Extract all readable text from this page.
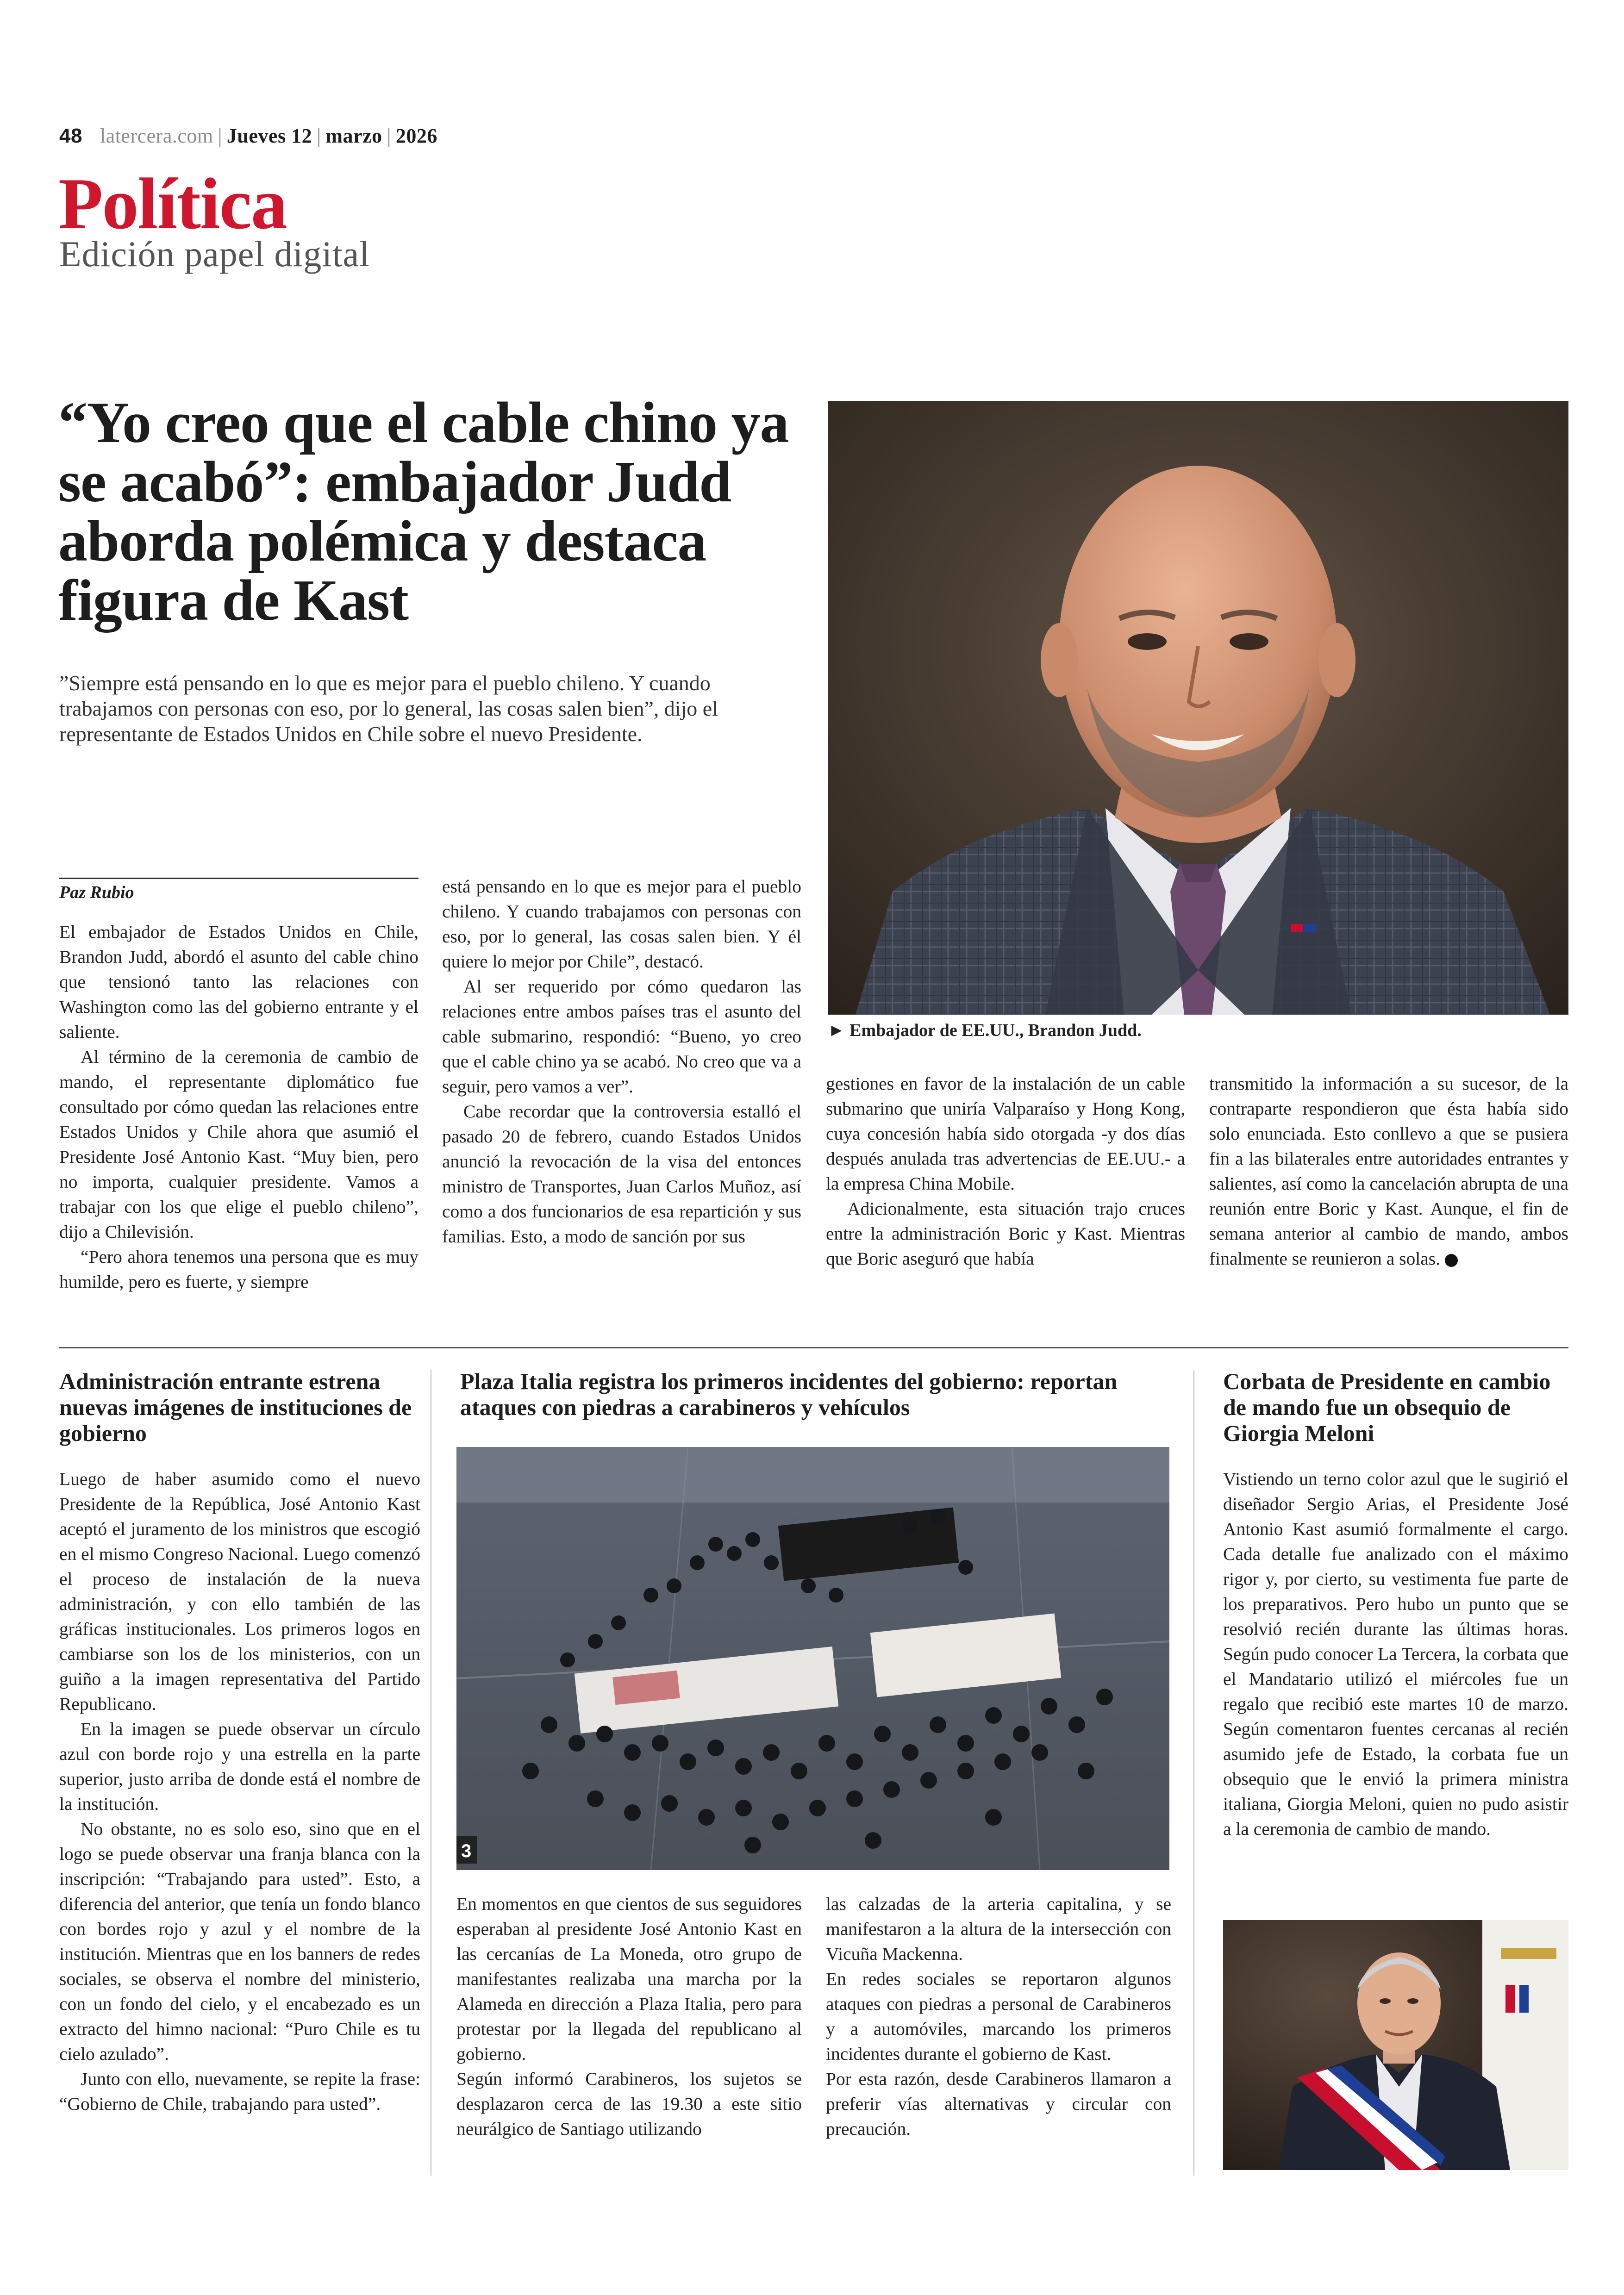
48 latercera.com | Jueves 12 | marzo | 2026
Política
Edición papel digital
“Yo creo que el cable chino ya se acabó”: embajador Judd aborda polémica y destaca figura de Kast
”Siempre está pensando en lo que es mejor para el pueblo chileno. Y cuando trabajamos con personas con eso, por lo general, las cosas salen bien”, dijo el representante de Estados Unidos en Chile sobre el nuevo Presidente.
► Embajador de EE.UU., Brandon Judd.
Paz Rubio

El embajador de Estados Unidos en Chile, Brandon Judd, abordó el asunto del cable chino que tensionó tanto las relaciones con Washington como las del gobierno entrante y el saliente.

Al término de la ceremonia de cambio de mando, el representante diplomático fue consultado por cómo quedan las relaciones entre Estados Unidos y Chile ahora que asumió el Presidente José Antonio Kast. “Muy bien, pero no importa, cualquier presidente. Vamos a trabajar con los que elige el pueblo chileno”, dijo a Chilevisión.

“Pero ahora tenemos una persona que es muy humilde, pero es fuerte, y siempre

está pensando en lo que es mejor para el pueblo chileno. Y cuando trabajamos con personas con eso, por lo general, las cosas salen bien. Y él quiere lo mejor por Chile”, destacó.

Al ser requerido por cómo quedaron las relaciones entre ambos países tras el asunto del cable submarino, respondió: “Bueno, yo creo que el cable chino ya se acabó. No creo que va a seguir, pero vamos a ver”.

Cabe recordar que la controversia estalló el pasado 20 de febrero, cuando Estados Unidos anunció la revocación de la visa del entonces ministro de Transportes, Juan Carlos Muñoz, así como a dos funcionarios de esa repartición y sus familias. Esto, a modo de sanción por sus

gestiones en favor de la instalación de un cable submarino que uniría Valparaíso y Hong Kong, cuya concesión había sido otorgada -y dos días después anulada tras advertencias de EE.UU.- a la empresa China Mobile.

Adicionalmente, esta situación trajo cruces entre la administración Boric y Kast. Mientras que Boric aseguró que había

transmitido la información a su sucesor, de la contraparte respondieron que ésta había sido solo enunciada. Esto conllevo a que se pusiera fin a las bilaterales entre autoridades entrantes y salientes, así como la cancelación abrupta de una reunión entre Boric y Kast. Aunque, el fin de semana anterior al cambio de mando, ambos finalmente se reunieron a solas.

Administración entrante estrena nuevas imágenes de instituciones de gobierno

Luego de haber asumido como el nuevo Presidente de la República, José Antonio Kast aceptó el juramento de los ministros que escogió en el mismo Congreso Nacional. Luego comenzó el proceso de instalación de la nueva administración, y con ello también de las gráficas institucionales. Los primeros logos en cambiarse son los de los ministerios, con un guiño a la imagen representativa del Partido Republicano.

En la imagen se puede observar un círculo azul con borde rojo y una estrella en la parte superior, justo arriba de donde está el nombre de la institución.

No obstante, no es solo eso, sino que en el logo se puede observar una franja blanca con la inscripción: “Trabajando para usted”. Esto, a diferencia del anterior, que tenía un fondo blanco con bordes rojo y azul y el nombre de la institución. Mientras que en los banners de redes sociales, se observa el nombre del ministerio, con un fondo del cielo, y el encabezado es un extracto del himno nacional: “Puro Chile es tu cielo azulado”.

Junto con ello, nuevamente, se repite la frase: “Gobierno de Chile, trabajando para usted”.

Plaza Italia registra los primeros incidentes del gobierno: reportan ataques con piedras a carabineros y vehículos
3

En momentos en que cientos de sus seguidores esperaban al presidente José Antonio Kast en las cercanías de La Moneda, otro grupo de manifestantes realizaba una marcha por la Alameda en dirección a Plaza Italia, pero para protestar por la llegada del republicano al gobierno.

Según informó Carabineros, los sujetos se desplazaron cerca de las 19.30 a este sitio neurálgico de Santiago utilizando

las calzadas de la arteria capitalina, y se manifestaron a la altura de la intersección con Vicuña Mackenna.

En redes sociales se reportaron algunos ataques con piedras a personal de Carabineros y a automóviles, marcando los primeros incidentes durante el gobierno de Kast.

Por esta razón, desde Carabineros llamaron a preferir vías alternativas y circular con precaución.

Corbata de Presidente en cambio de mando fue un obsequio de Giorgia Meloni

Vistiendo un terno color azul que le sugirió el diseñador Sergio Arias, el Presidente José Antonio Kast asumió formalmente el cargo. Cada detalle fue analizado con el máximo rigor y, por cierto, su vestimenta fue parte de los preparativos. Pero hubo un punto que se resolvió recién durante las últimas horas. Según pudo conocer La Tercera, la corbata que el Mandatario utilizó el miércoles fue un regalo que recibió este martes 10 de marzo. Según comentaron fuentes cercanas al recién asumido jefe de Estado, la corbata fue un obsequio que le envió la primera ministra italiana, Giorgia Meloni, quien no pudo asistir a la ceremonia de cambio de mando.
